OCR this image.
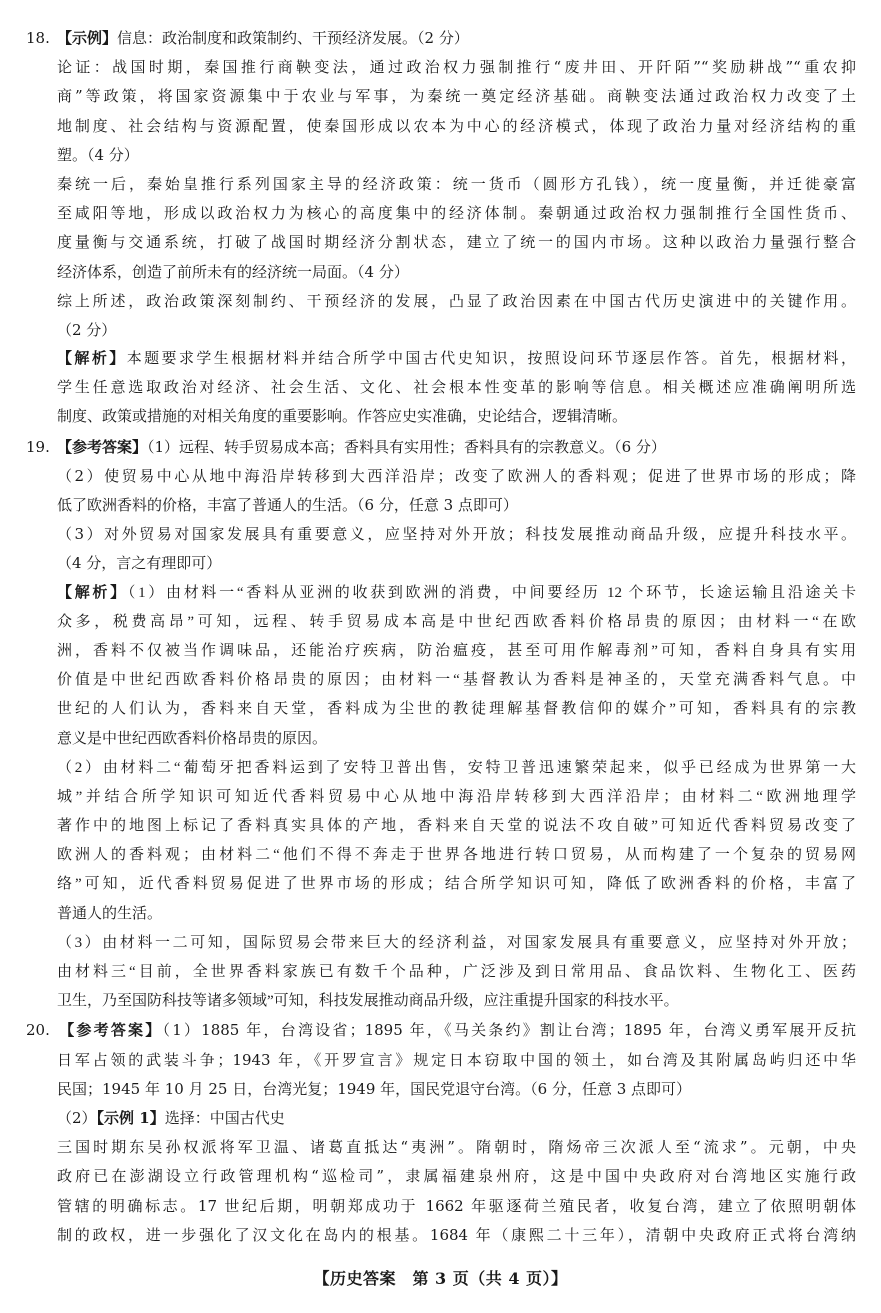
18. 【示例】信息：政治制度和政策制约、干预经济发展。（2 分）
论证：战国时期，秦国推行商鞅变法，通过政治权力强制推行“废井田、开阡陌”“奖励耕战”“重农抑
商”等政策，将国家资源集中于农业与军事，为秦统一奠定经济基础。商鞅变法通过政治权力改变了土
地制度、社会结构与资源配置，使秦国形成以农本为中心的经济模式，体现了政治力量对经济结构的重
塑。（4 分）
秦统一后，秦始皇推行系列国家主导的经济政策：统一货币（圆形方孔钱），统一度量衡，并迁徙豪富
至咸阳等地，形成以政治权力为核心的高度集中的经济体制。秦朝通过政治权力强制推行全国性货币、
度量衡与交通系统，打破了战国时期经济分割状态，建立了统一的国内市场。这种以政治力量强行整合
经济体系，创造了前所未有的经济统一局面。（4 分）
综上所述，政治政策深刻制约、干预经济的发展，凸显了政治因素在中国古代历史演进中的关键作用。
（2 分）
【解析】本题要求学生根据材料并结合所学中国古代史知识，按照设问环节逐层作答。首先，根据材料，
学生任意选取政治对经济、社会生活、文化、社会根本性变革的影响等信息。相关概述应准确阐明所选
制度、政策或措施的对相关角度的重要影响。作答应史实准确，史论结合，逻辑清晰。
19. 【参考答案】（1）远程、转手贸易成本高；香料具有实用性；香料具有的宗教意义。（6 分）
（2）使贸易中心从地中海沿岸转移到大西洋沿岸；改变了欧洲人的香料观；促进了世界市场的形成；降
低了欧洲香料的价格，丰富了普通人的生活。（6 分，任意 3 点即可）
（3）对外贸易对国家发展具有重要意义，应坚持对外开放；科技发展推动商品升级，应提升科技水平。
（4 分，言之有理即可）
【解析】（1）由材料一“香料从亚洲的收获到欧洲的消费，中间要经历 12 个环节，长途运输且沿途关卡
众多，税费高昂”可知，远程、转手贸易成本高是中世纪西欧香料价格昂贵的原因；由材料一“在欧
洲，香料不仅被当作调味品，还能治疗疾病，防治瘟疫，甚至可用作解毒剂”可知，香料自身具有实用
价值是中世纪西欧香料价格昂贵的原因；由材料一“基督教认为香料是神圣的，天堂充满香料气息。中
世纪的人们认为，香料来自天堂，香料成为尘世的教徒理解基督教信仰的媒介”可知，香料具有的宗教
意义是中世纪西欧香料价格昂贵的原因。
（2）由材料二“葡萄牙把香料运到了安特卫普出售，安特卫普迅速繁荣起来，似乎已经成为世界第一大
城”并结合所学知识可知近代香料贸易中心从地中海沿岸转移到大西洋沿岸；由材料二“欧洲地理学
著作中的地图上标记了香料真实具体的产地，香料来自天堂的说法不攻自破”可知近代香料贸易改变了
欧洲人的香料观；由材料二“他们不得不奔走于世界各地进行转口贸易，从而构建了一个复杂的贸易网
络”可知，近代香料贸易促进了世界市场的形成；结合所学知识可知，降低了欧洲香料的价格，丰富了
普通人的生活。
（3）由材料一二可知，国际贸易会带来巨大的经济利益，对国家发展具有重要意义，应坚持对外开放；
由材料三“目前，全世界香料家族已有数千个品种，广泛涉及到日常用品、食品饮料、生物化工、医药
卫生，乃至国防科技等诸多领域”可知，科技发展推动商品升级，应注重提升国家的科技水平。
20. 【参考答案】（1）1885 年，台湾设省；1895 年，《马关条约》割让台湾；1895 年，台湾义勇军展开反抗
日军占领的武装斗争；1943 年，《开罗宣言》规定日本窃取中国的领土，如台湾及其附属岛屿归还中华
民国；1945 年 10 月 25 日，台湾光复；1949 年，国民党退守台湾。（6 分，任意 3 点即可）
（2）【示例 1】选择：中国古代史
三国时期东吴孙权派将军卫温、诸葛直抵达“夷洲”。隋朝时，隋炀帝三次派人至“流求”。元朝，中央
政府已在澎湖设立行政管理机构“巡检司”，隶属福建泉州府，这是中国中央政府对台湾地区实施行政
管辖的明确标志。17 世纪后期，明朝郑成功于 1662 年驱逐荷兰殖民者，收复台湾，建立了依照明朝体
制的政权，进一步强化了汉文化在岛内的根基。1684 年（康熙二十三年），清朝中央政府正式将台湾纳
【历史答案　第 3 页（共 4 页）】
